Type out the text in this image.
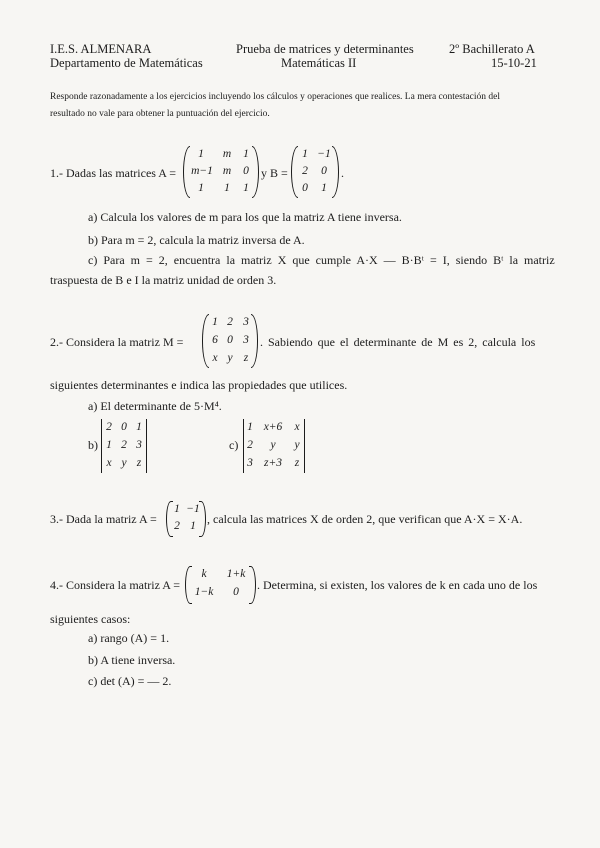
I.E.S. ALMENARA
Departamento de Matemáticas
Prueba de matrices y determinantes
Matemáticas II
2º Bachillerato A
15-10-21
Responde razonadamente a los ejercicios incluyendo los cálculos y operaciones que realices. La mera contestación del
resultado no vale para obtener la puntuación del ejercicio.
1.- Dadas las matrices A =
1	m	1
m−1 m	0
1	1	1
y B =
1 −1
2	0
0	1
.
a) Calcula los valores de m para los que la matriz A tiene inversa.
b) Para m = 2, calcula la matriz inversa de A.
c) Para m = 2, encuentra la matriz X que cumple A·X — B·Bᵗ = I, siendo Bᵗ la matriz
traspuesta de B e I la matriz unidad de orden 3.
2.- Considera la matriz M =
1 2 3
6 0 3
x y z
. Sabiendo que el determinante de M es 2, calcula los
siguientes determinantes e indica las propiedades que utilices.
a) El determinante de 5·M⁴.
b)
2 0 1
1 2 3
x y z
c)
1 x+6	x
2	y	y
3 z+3	z
3.- Dada la matriz A =
1 −1
2 1 , calcula las matrices X de orden 2, que verifican que A·X = X·A.
4.- Considera la matriz A =
k	1+k
1−k	0	. Determina, si existen, los valores de k en cada uno de los
siguientes casos:
a) rango (A) = 1.
b) A tiene inversa.
c) det (A) = — 2.
